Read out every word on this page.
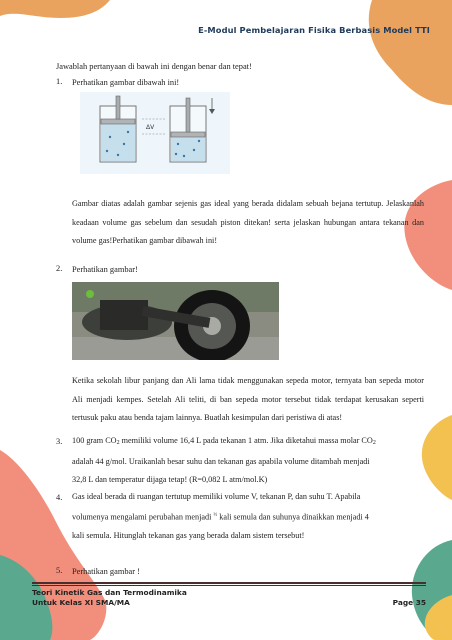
E-Modul Pembelajaran Fisika Berbasis Model TTI
Jawablah pertanyaan di bawah ini dengan benar dan tepat!
1. Perhatikan gambar dibawah ini!
ΔV
Gambar diatas adalah gambar sejenis gas ideal yang berada didalam sebuah bejana tertutup. Jelaskanlah keadaan volume gas sebelum dan sesudah piston ditekan! serta jelaskan hubungan antara tekanan dan volume gas!Perhatikan gambar dibawah ini!
2. Perhatikan gambar!
Ketika sekolah libur panjang dan Ali lama tidak menggunakan sepeda motor, ternyata ban sepeda motor Ali menjadi kempes. Setelah Ali teliti, di ban sepeda motor tersebut tidak terdapat kerusakan seperti tertusuk paku atau benda tajam lainnya. Buatlah kesimpulan dari peristiwa di atas!
3. 100 gram $CO_2$ memiliki volume 16,4 L pada tekanan 1 atm. Jika diketahui massa molar $CO_2$
adalah 44 g/mol. Uraikanlah besar suhu dan tekanan gas apabila volume ditambah menjadi
32,8 L dan temperatur dijaga tetap! (R=0,082 L atm/mol.K)
4. Gas ideal berada di ruangan tertutup memiliki volume V, tekanan P, dan suhu T. Apabila
volumenya mengalami perubahan menjadi $^{\frac{1}{2}}$ kali semula dan suhunya dinaikkan menjadi 4
kali semula. Hitunglah tekanan gas yang berada dalam sistem tersebut!
5. Perhatikan gambar !
Teori Kinetik Gas dan Termodinamika
Untuk Kelas XI SMA/MA	Page 35
